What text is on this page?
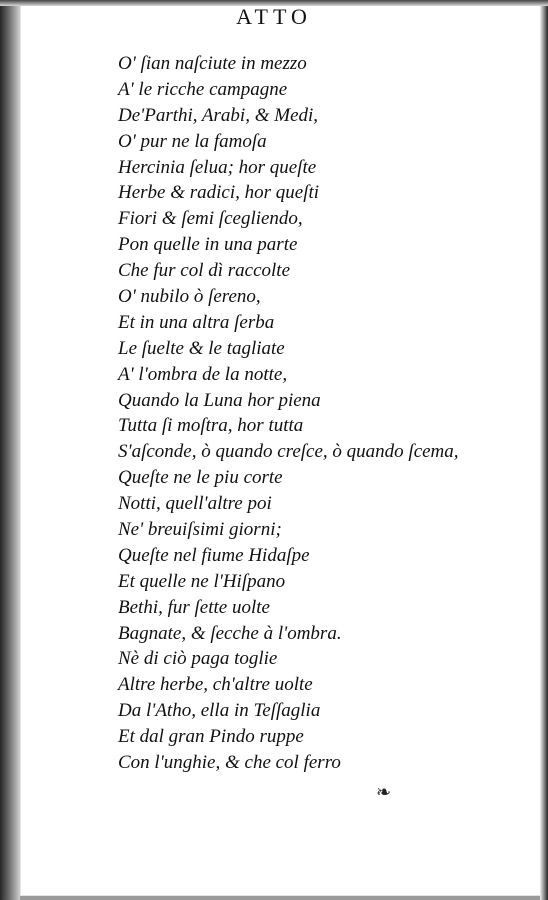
ATTO
O' ſian naſciute in mezzo
A' le ricche campagne
De'Parthi, Arabi, & Medi,
O' pur ne la famoſa
Hercinia ſelua; hor queſte
Herbe & radici, hor queſti
Fiori & ſemi ſcegliendo,
Pon quelle in una parte
Che fur col dì raccolte
O' nubilo ò ſereno,
Et in una altra ſerba
Le ſuelte & le tagliate
A' l'ombra de la notte,
Quando la Luna hor piena
Tutta ſi moſtra, hor tutta
S'aſconde, ò quando creſce, ò quando ſcema,
Queſte ne le piu corte
Notti, quell'altre poi
Ne' breuiſsimi giorni;
Queſte nel fiume Hidaſpe
Et quelle ne l'Hiſpano
Bethi, fur ſette uolte
Bagnate, & ſecche à l'ombra.
Nè di ciò paga toglie
Altre herbe, ch'altre uolte
Da l'Atho, ella in Teſſaglia
Et dal gran Pindo ruppe
Con l'unghie, & che col ferro
❧
